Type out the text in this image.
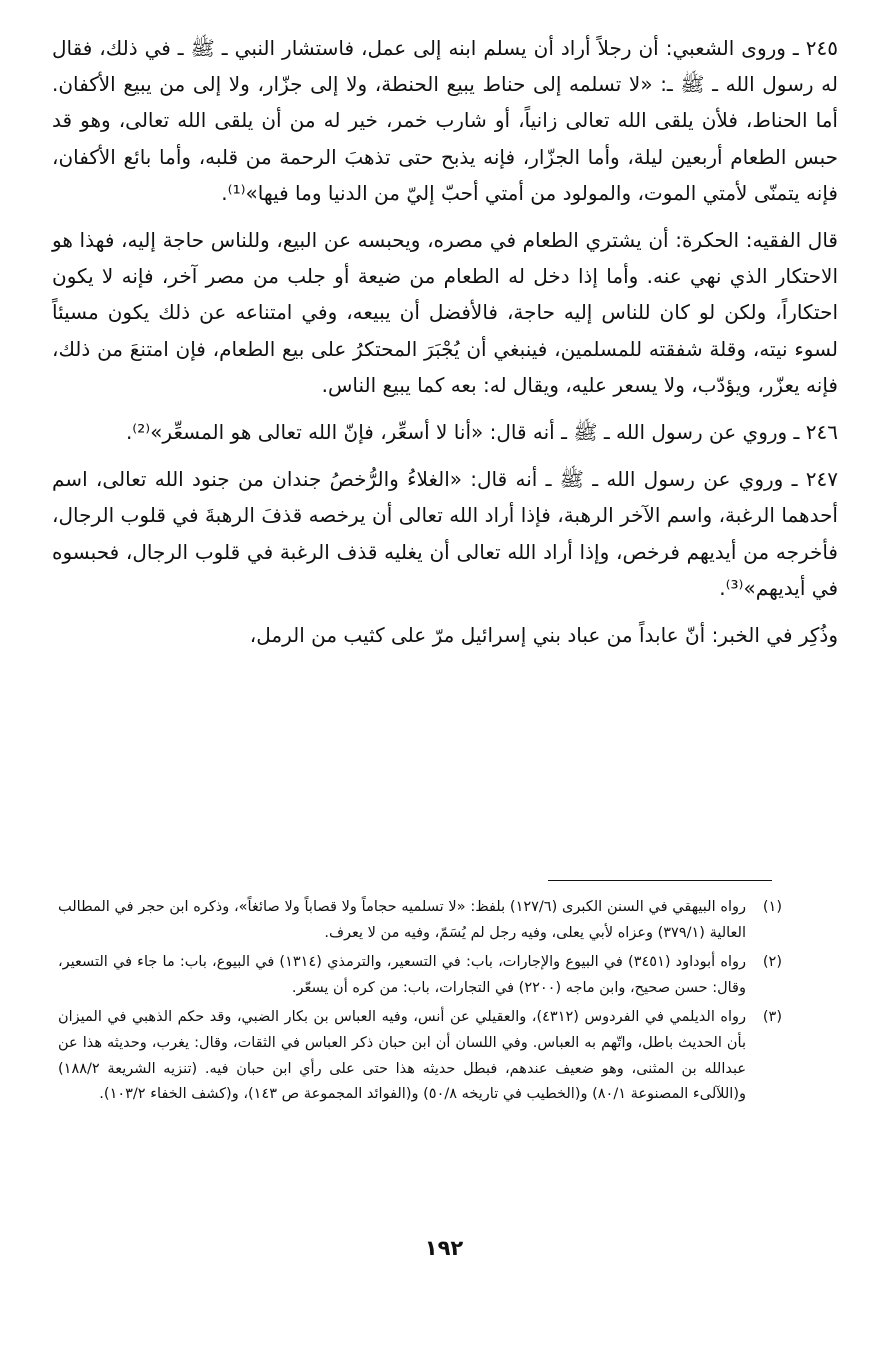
٢٤٥ ـ وروى الشعبي: أن رجلاً أراد أن يسلم ابنه إلى عمل، فاستشار النبي ـ ﷺ ـ في ذلك، فقال له رسول الله ـ ﷺ ـ: «لا تسلمه إلى حناط يبيع الحنطة، ولا إلى جزّار، ولا إلى من يبيع الأكفان. أما الحناط، فلأن يلقى الله تعالى زانياً، أو شارب خمر، خير له من أن يلقى الله تعالى، وهو قد حبس الطعام أربعين ليلة، وأما الجزّار، فإنه يذبح حتى تذهبَ الرحمة من قلبه، وأما بائع الأكفان، فإنه يتمنّى لأمتي الموت، والمولود من أمتي أحبّ إليّ من الدنيا وما فيها»⁽¹⁾.

قال الفقيه: الحكرة: أن يشتري الطعام في مصره، ويحبسه عن البيع، وللناس حاجة إليه، فهذا هو الاحتكار الذي نهي عنه. وأما إذا دخل له الطعام من ضيعة أو جلب من مصر آخر، فإنه لا يكون احتكاراً، ولكن لو كان للناس إليه حاجة، فالأفضل أن يبيعه، وفي امتناعه عن ذلك يكون مسيئاً لسوء نيته، وقلة شفقته للمسلمين، فينبغي أن يُجْبَرَ المحتكرُ على بيع الطعام، فإن امتنعَ من ذلك، فإنه يعزّر، ويؤدّب، ولا يسعر عليه، ويقال له: بعه كما يبيع الناس.

٢٤٦ ـ وروي عن رسول الله ـ ﷺ ـ أنه قال: «أنا لا أسعِّر، فإنّ الله تعالى هو المسعِّر»⁽²⁾.

٢٤٧ ـ وروي عن رسول الله ـ ﷺ ـ أنه قال: «الغلاءُ والرُّخصُ جندان من جنود الله تعالى، اسم أحدهما الرغبة، واسم الآخر الرهبة، فإذا أراد الله تعالى أن يرخصه قذفَ الرهبةَ في قلوب الرجال، فأخرجه من أيديهم فرخص، وإذا أراد الله تعالى أن يغليه قذف الرغبة في قلوب الرجال، فحبسوه في أيديهم»⁽³⁾.

وذُكِر في الخبر: أنّ عابداً من عباد بني إسرائيل مرّ على كثيب من الرمل،

(١)
رواه البيهقي في السنن الكبرى (١٢٧/٦) بلفظ: «لا تسلميه حجاماً ولا قصاباً ولا صائغاً»، وذكره ابن حجر في المطالب العالية (٣٧٩/١) وعزاه لأبي يعلى، وفيه رجل لم يُسَمّ، وفيه من لا يعرف.
(٢)
رواه أبوداود (٣٤٥١) في البيوع والإجارات، باب: في التسعير، والترمذي (١٣١٤) في البيوع، باب: ما جاء في التسعير، وقال: حسن صحيح، وابن ماجه (٢٢٠٠) في التجارات، باب: من كره أن يسعّر.
(٣)
رواه الديلمي في الفردوس (٤٣١٢)، والعقيلي عن أنس، وفيه العباس بن بكار الضبي، وقد حكم الذهبي في الميزان بأن الحديث باطل، واتّهم به العباس. وفي اللسان أن ابن حبان ذكر العباس في الثقات، وقال: يغرب، وحديثه هذا عن عبدالله بن المثنى، وهو ضعيف عندهم، فبطل حديثه هذا حتى على رأي ابن حبان فيه. (تنزيه الشريعة ١٨٨/٢) و(اللآلىء المصنوعة ٨٠/١) و(الخطيب في تاريخه ٥٠/٨) و(الفوائد المجموعة ص ١٤٣)، و(كشف الخفاء ١٠٣/٢).
١٩٢
